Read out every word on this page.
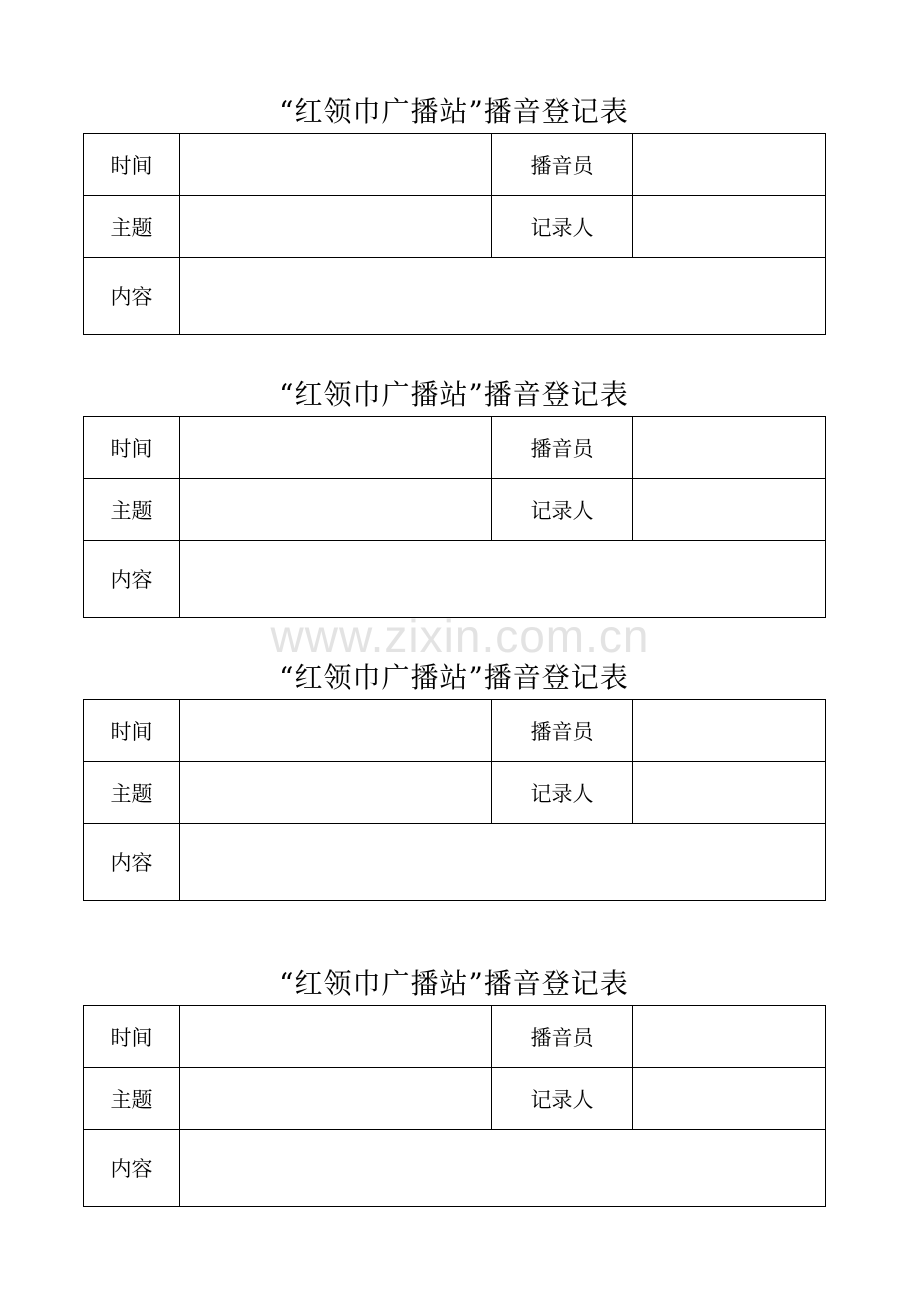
“红领巾广播站”播音登记表
时间		播音员	
主题		记录人	
内容			
“红领巾广播站”播音登记表
时间		播音员	
主题		记录人	
内容			
“红领巾广播站”播音登记表
时间		播音员	
主题		记录人	
内容			
“红领巾广播站”播音登记表
时间		播音员	
主题		记录人	
内容			
www.zixin.com.cn
